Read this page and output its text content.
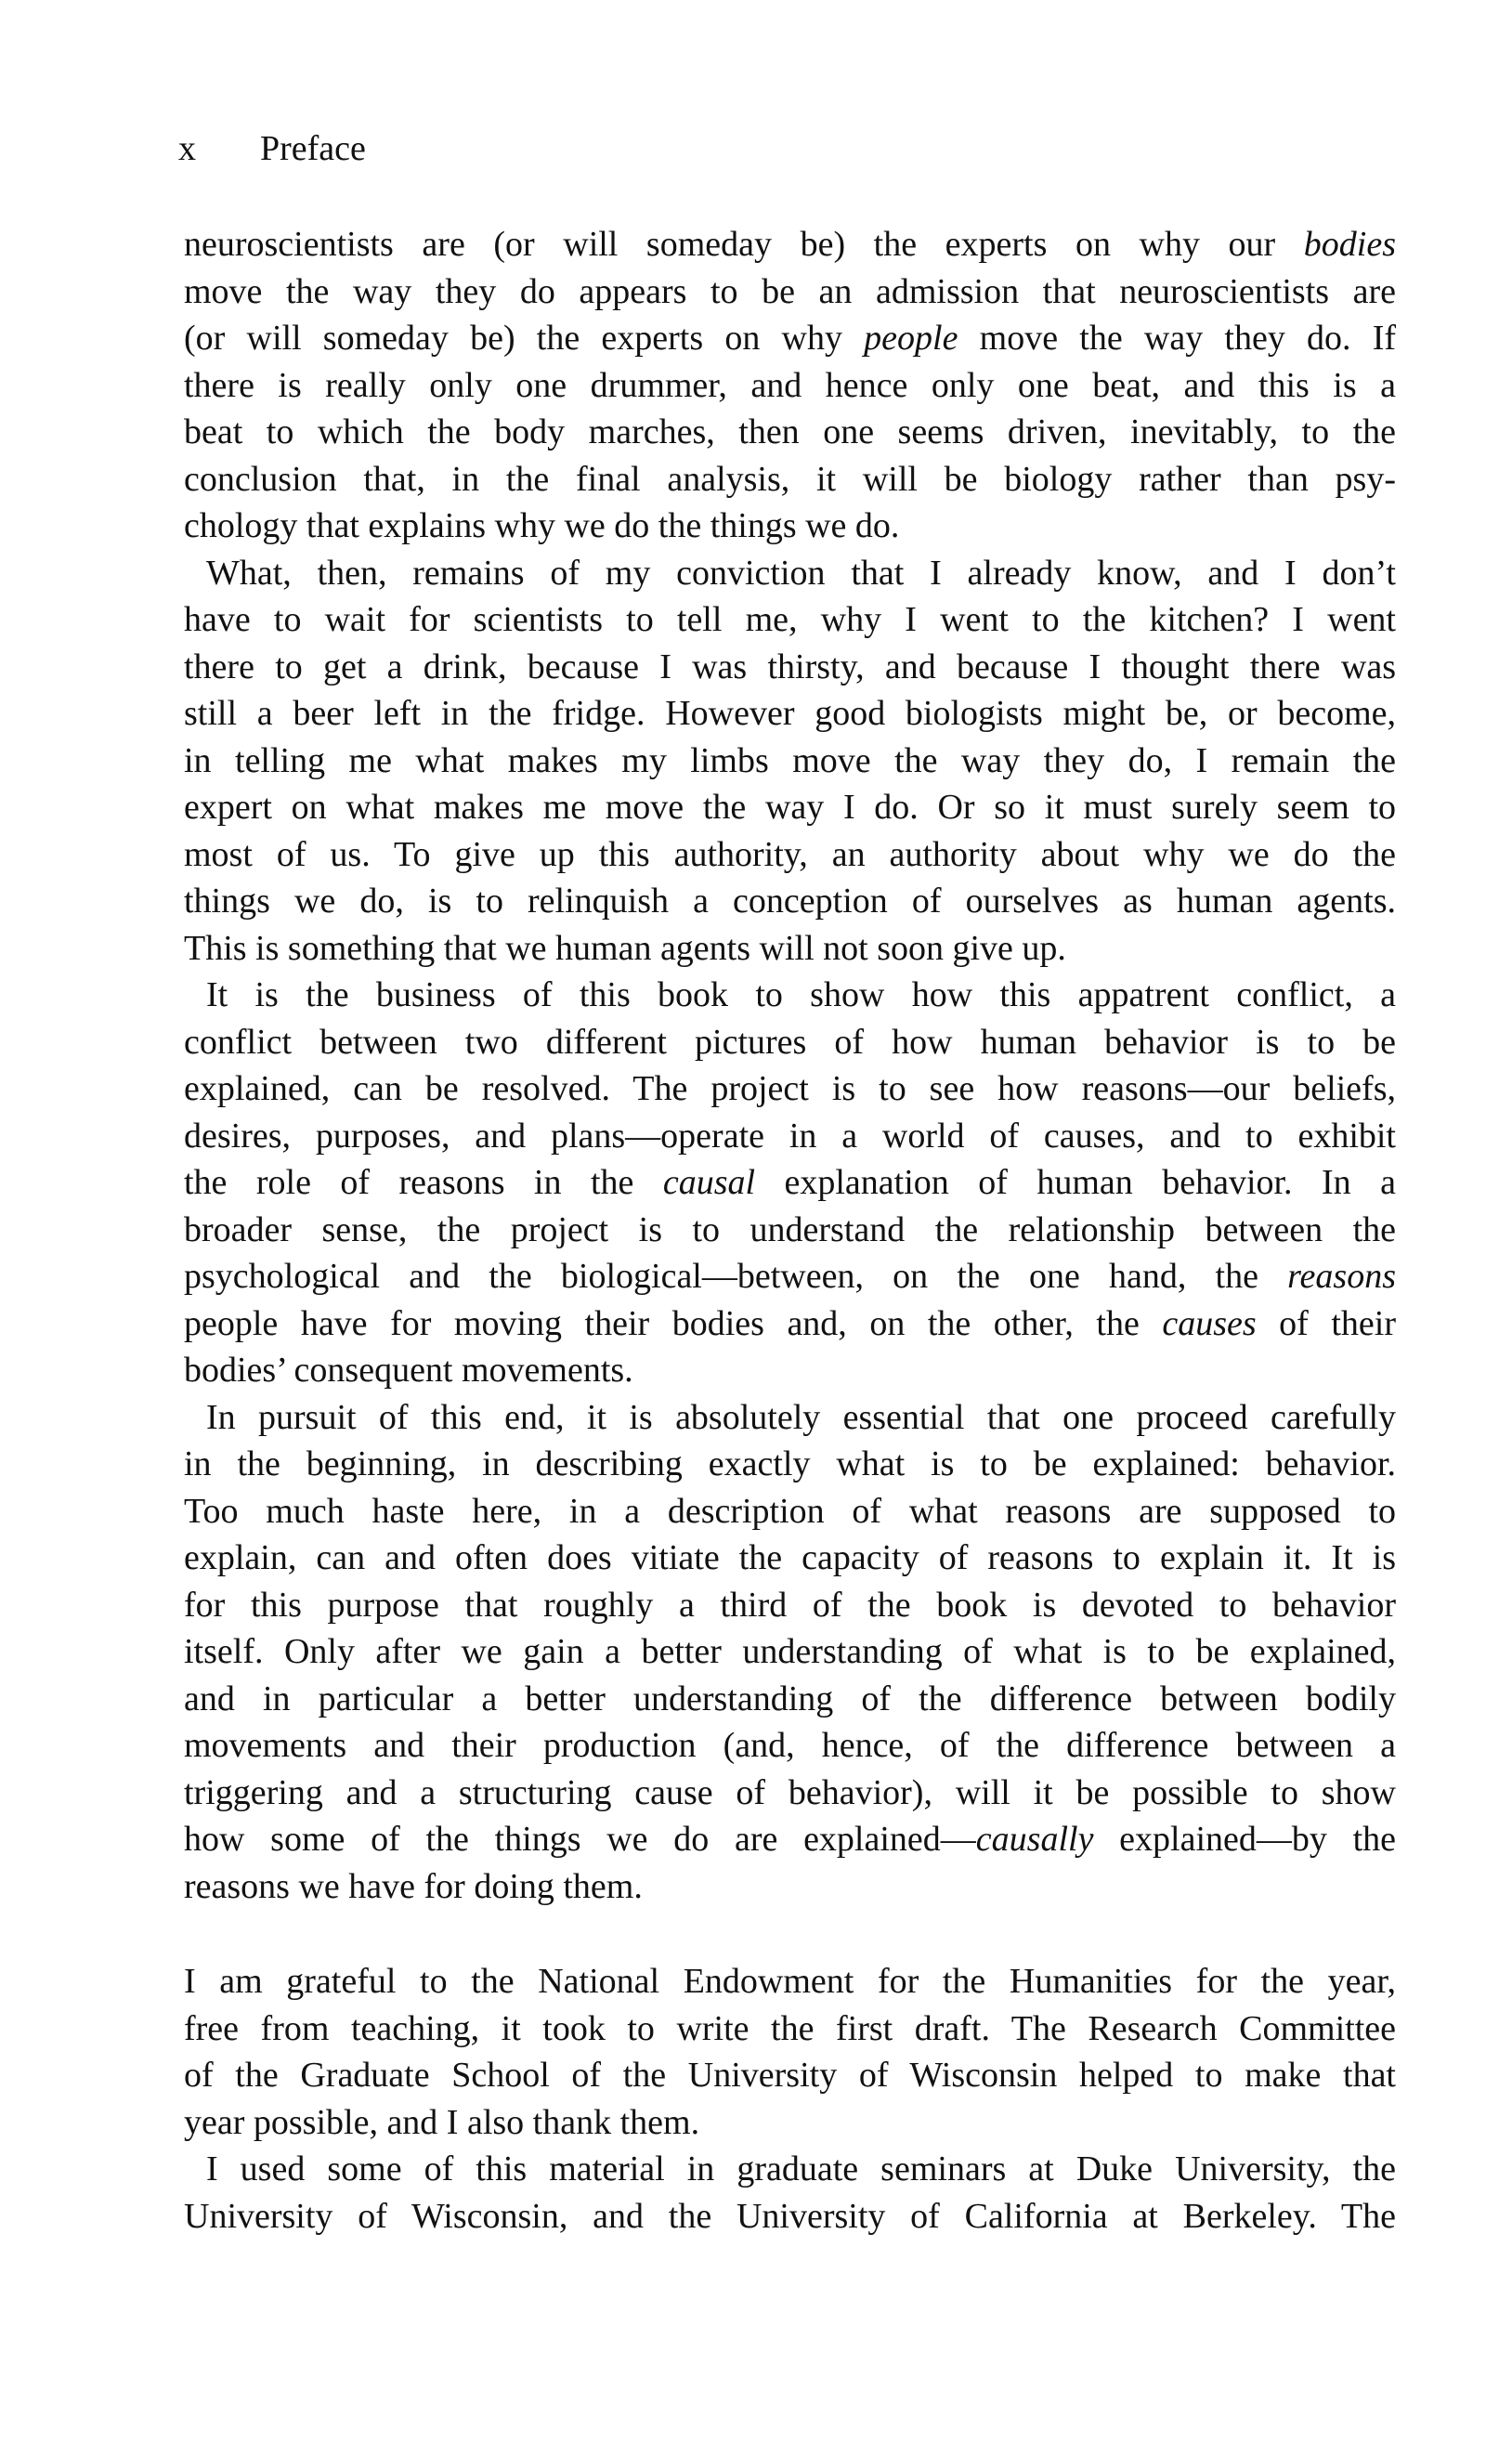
x Preface
neuroscientists are (or will someday be) the experts on why our bodies
move the way they do appears to be an admission that neuroscientists are
(or will someday be) the experts on why people move the way they do. If
there is really only one drummer, and hence only one beat, and this is a
beat to which the body marches, then one seems driven, inevitably, to the
conclusion that, in the final analysis, it will be biology rather than psy-
chology that explains why we do the things we do.
What, then, remains of my conviction that I already know, and I don’t
have to wait for scientists to tell me, why I went to the kitchen? I went
there to get a drink, because I was thirsty, and because I thought there was
still a beer left in the fridge. However good biologists might be, or become,
in telling me what makes my limbs move the way they do, I remain the
expert on what makes me move the way I do. Or so it must surely seem to
most of us. To give up this authority, an authority about why we do the
things we do, is to relinquish a conception of ourselves as human agents.
This is something that we human agents will not soon give up.
It is the business of this book to show how this appatrent conflict, a
conflict between two different pictures of how human behavior is to be
explained, can be resolved. The project is to see how reasons—our beliefs,
desires, purposes, and plans—operate in a world of causes, and to exhibit
the role of reasons in the causal explanation of human behavior. In a
broader sense, the project is to understand the relationship between the
psychological and the biological—between, on the one hand, the reasons
people have for moving their bodies and, on the other, the causes of their
bodies’ consequent movements.
In pursuit of this end, it is absolutely essential that one proceed carefully
in the beginning, in describing exactly what is to be explained: behavior.
Too much haste here, in a description of what reasons are supposed to
explain, can and often does vitiate the capacity of reasons to explain it. It is
for this purpose that roughly a third of the book is devoted to behavior
itself. Only after we gain a better understanding of what is to be explained,
and in particular a better understanding of the difference between bodily
movements and their production (and, hence, of the difference between a
triggering and a structuring cause of behavior), will it be possible to show
how some of the things we do are explained—causally explained—by the
reasons we have for doing them.
I am grateful to the National Endowment for the Humanities for the year,
free from teaching, it took to write the first draft. The Research Committee
of the Graduate School of the University of Wisconsin helped to make that
year possible, and I also thank them.
I used some of this material in graduate seminars at Duke University, the
University of Wisconsin, and the University of California at Berkeley. The
